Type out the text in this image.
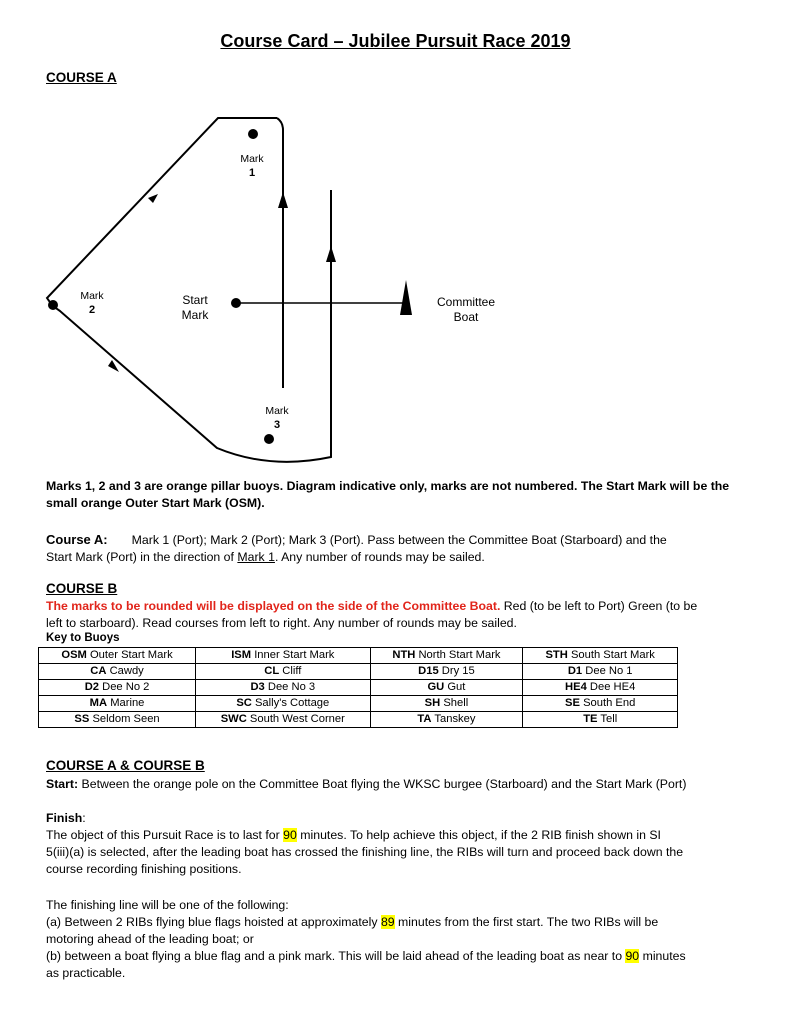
Course Card – Jubilee Pursuit Race 2019
COURSE A
Mark
1
Mark
2
Mark
3
Start
Mark
Committee
Boat
Marks 1, 2 and 3 are orange pillar buoys. Diagram indicative only, marks are not numbered. The Start Mark will be the small orange Outer Start Mark (OSM).
Course A: Mark 1 (Port); Mark 2 (Port); Mark 3 (Port). Pass between the Committee Boat (Starboard) and the
Start Mark (Port) in the direction of Mark 1. Any number of rounds may be sailed.
COURSE B
The marks to be rounded will be displayed on the side of the Committee Boat. Red (to be left to Port) Green (to be
left to starboard). Read courses from left to right. Any number of rounds may be sailed.
Key to Buoys
OSM Outer Start Mark	ISM Inner Start Mark	NTH North Start Mark	STH South Start Mark
CA Cawdy	CL Cliff	D15 Dry 15	D1 Dee No 1
D2 Dee No 2	D3 Dee No 3	GU Gut	HE4 Dee HE4
MA Marine	SC Sally's Cottage	SH Shell	SE South End
SS Seldom Seen	SWC South West Corner	TA Tanskey	TE Tell
COURSE A & COURSE B
Start: Between the orange pole on the Committee Boat flying the WKSC burgee (Starboard) and the Start Mark (Port)
Finish:
The object of this Pursuit Race is to last for 90 minutes. To help achieve this object, if the 2 RIB finish shown in SI
5(iii)(a) is selected, after the leading boat has crossed the finishing line, the RIBs will turn and proceed back down the
course recording finishing positions.
The finishing line will be one of the following:
(a) Between 2 RIBs flying blue flags hoisted at approximately 89 minutes from the first start. The two RIBs will be
motoring ahead of the leading boat; or
(b) between a boat flying a blue flag and a pink mark. This will be laid ahead of the leading boat as near to 90 minutes
as practicable.
